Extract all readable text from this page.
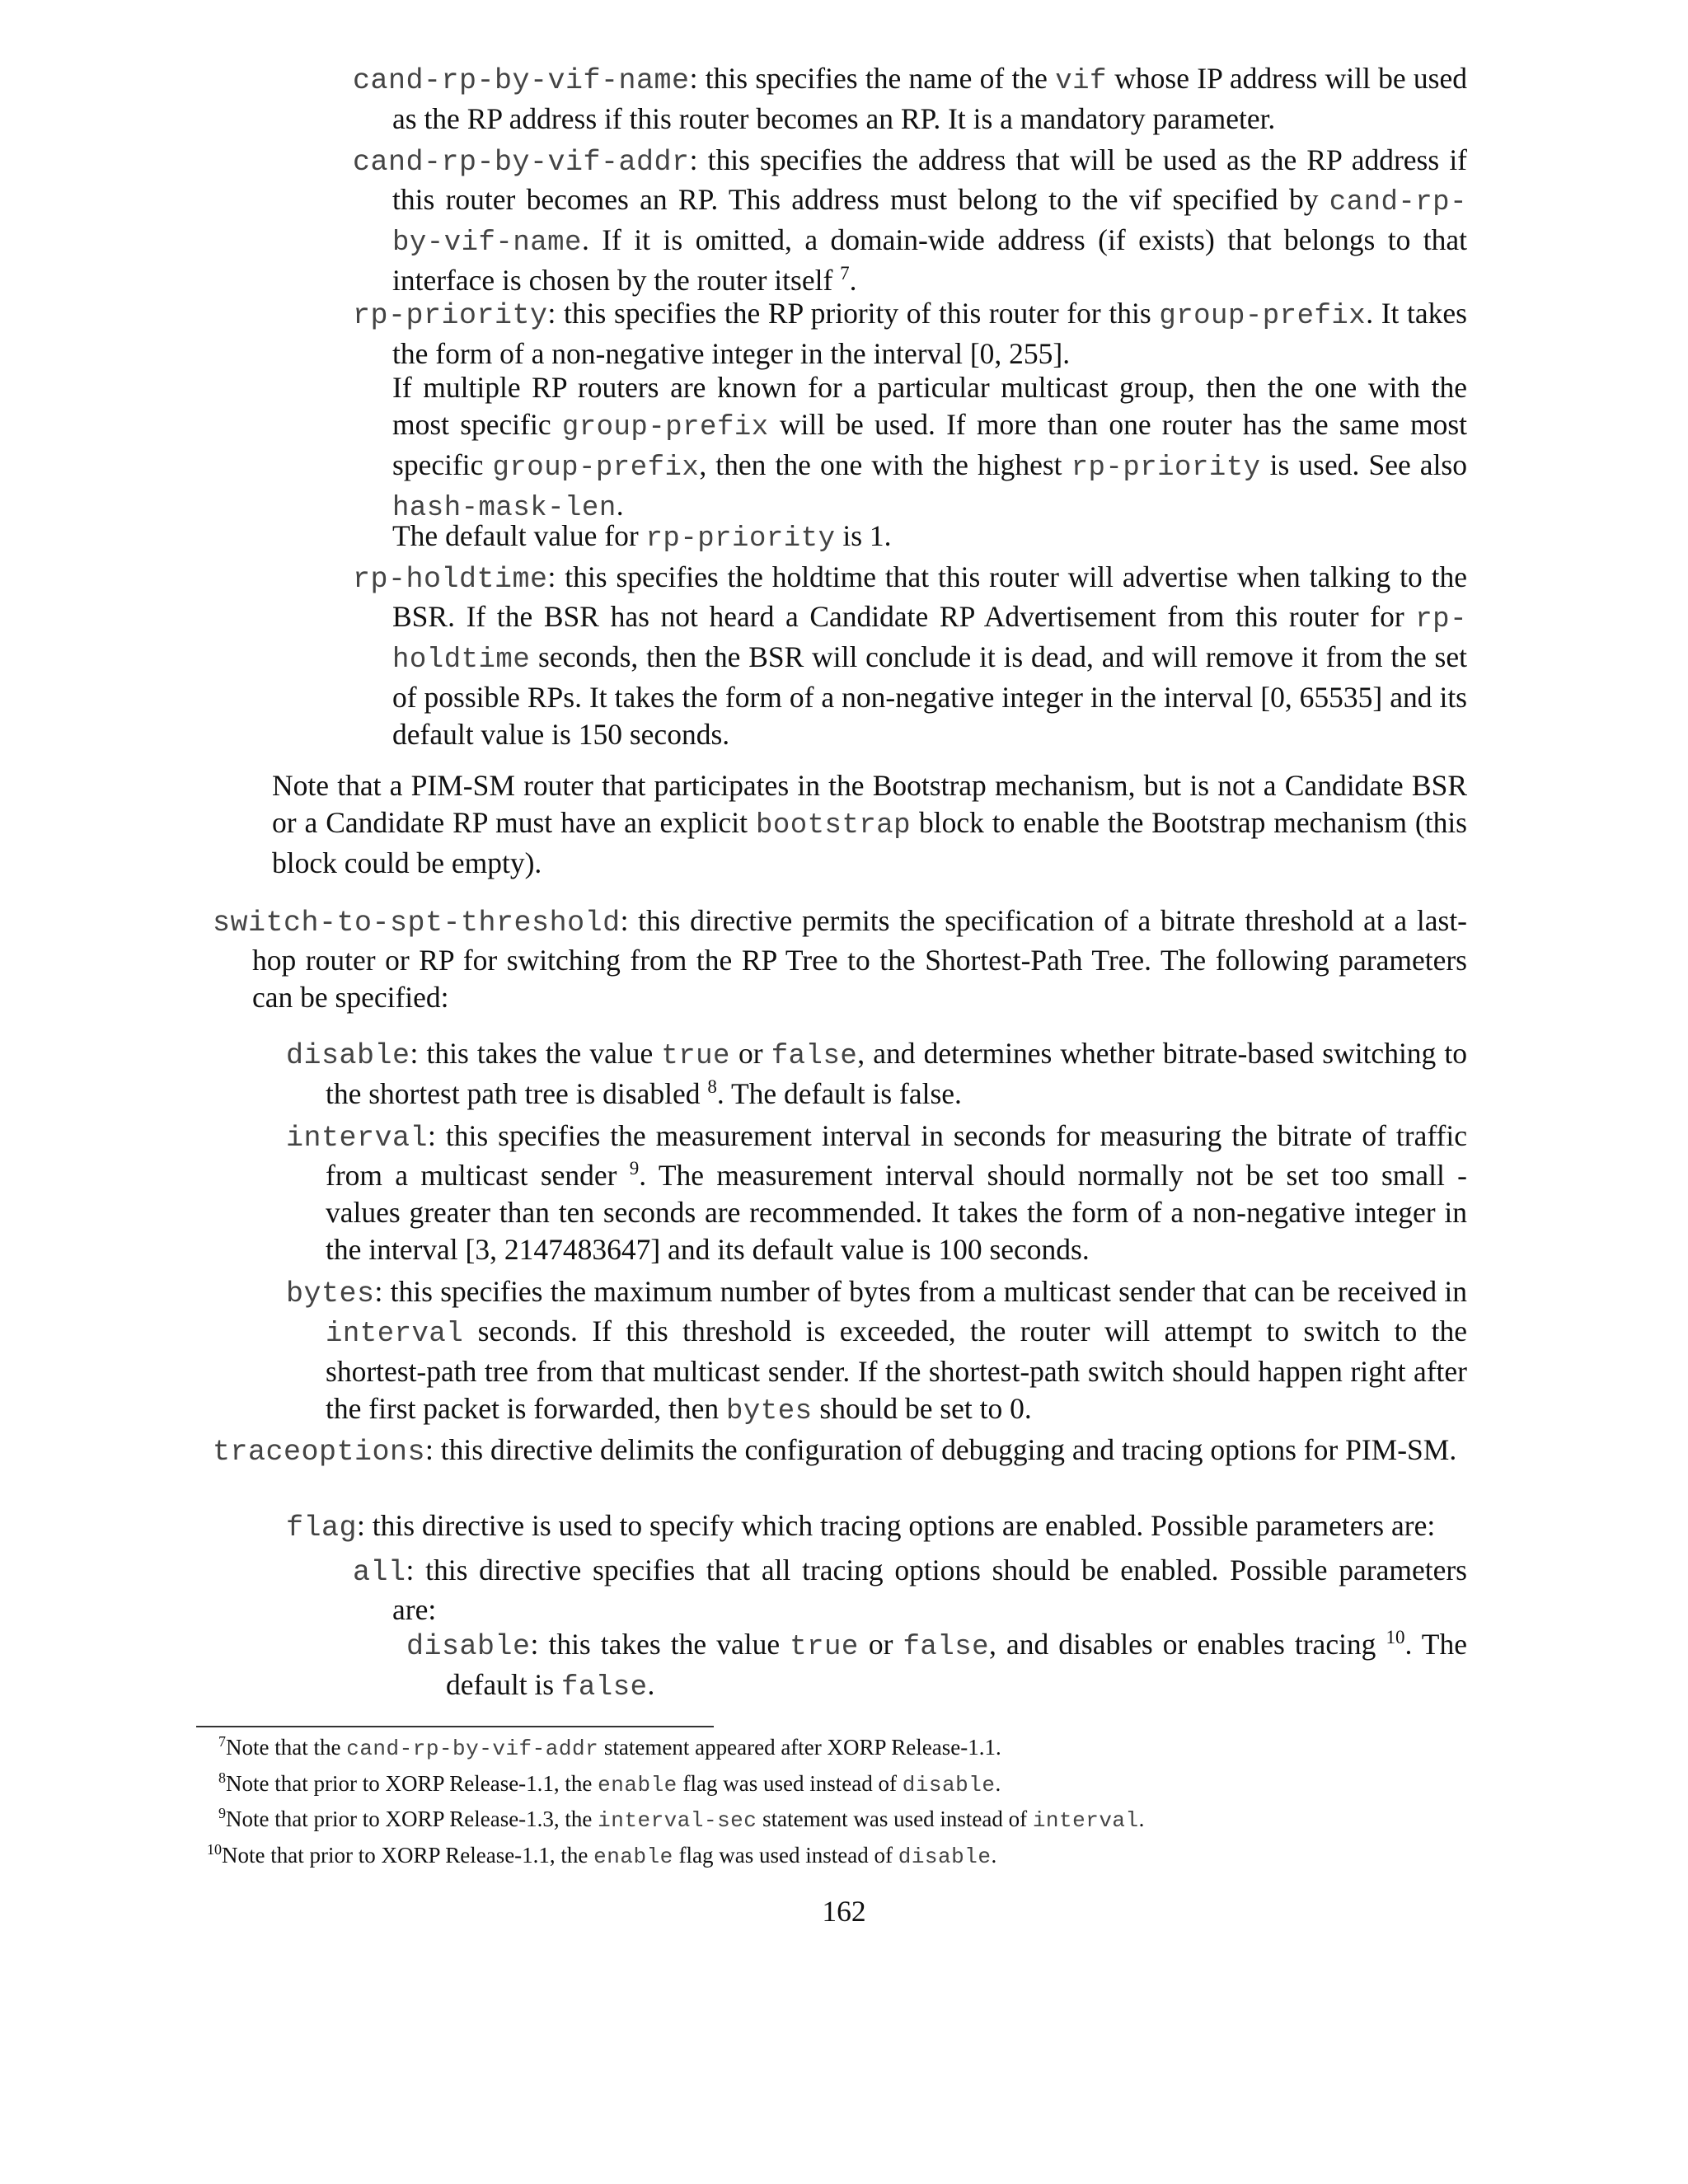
cand-rp-by-vif-name: this specifies the name of the vif whose IP address will be used as the RP address if this router becomes an RP. It is a mandatory parameter.

cand-rp-by-vif-addr: this specifies the address that will be used as the RP address if this router becomes an RP. This address must belong to the vif specified by cand-rp-by-vif-name. If it is omitted, a domain-wide address (if exists) that belongs to that interface is chosen by the router itself $^7$.

rp-priority: this specifies the RP priority of this router for this group-prefix. It takes the form of a non-negative integer in the interval [0, 255].

If multiple RP routers are known for a particular multicast group, then the one with the most specific group-prefix will be used. If more than one router has the same most specific group-prefix, then the one with the highest rp-priority is used. See also hash-mask-len.

The default value for rp-priority is 1.

rp-holdtime: this specifies the holdtime that this router will advertise when talking to the BSR. If the BSR has not heard a Candidate RP Advertisement from this router for rp-holdtime seconds, then the BSR will conclude it is dead, and will remove it from the set of possible RPs. It takes the form of a non-negative integer in the interval [0, 65535] and its default value is 150 seconds.

Note that a PIM-SM router that participates in the Bootstrap mechanism, but is not a Candidate BSR or a Candidate RP must have an explicit bootstrap block to enable the Bootstrap mechanism (this block could be empty).

switch-to-spt-threshold: this directive permits the specification of a bitrate threshold at a last-hop router or RP for switching from the RP Tree to the Shortest-Path Tree. The following parameters can be specified:

disable: this takes the value true or false, and determines whether bitrate-based switching to the shortest path tree is disabled $^8$. The default is false.

interval: this specifies the measurement interval in seconds for measuring the bitrate of traffic from a multicast sender $^9$. The measurement interval should normally not be set too small - values greater than ten seconds are recommended. It takes the form of a non-negative integer in the interval [3, 2147483647] and its default value is 100 seconds.

bytes: this specifies the maximum number of bytes from a multicast sender that can be received in interval seconds. If this threshold is exceeded, the router will attempt to switch to the shortest-path tree from that multicast sender. If the shortest-path switch should happen right after the first packet is forwarded, then bytes should be set to 0.

traceoptions: this directive delimits the configuration of debugging and tracing options for PIM-SM.

flag: this directive is used to specify which tracing options are enabled. Possible parameters are:

all: this directive specifies that all tracing options should be enabled. Possible parameters are:

disable: this takes the value true or false, and disables or enables tracing $^{10}$. The default is false.

$^7$Note that the cand-rp-by-vif-addr statement appeared after XORP Release-1.1.
$^8$Note that prior to XORP Release-1.1, the enable flag was used instead of disable.
$^9$Note that prior to XORP Release-1.3, the interval-sec statement was used instead of interval.
$^{10}$Note that prior to XORP Release-1.1, the enable flag was used instead of disable.
162
